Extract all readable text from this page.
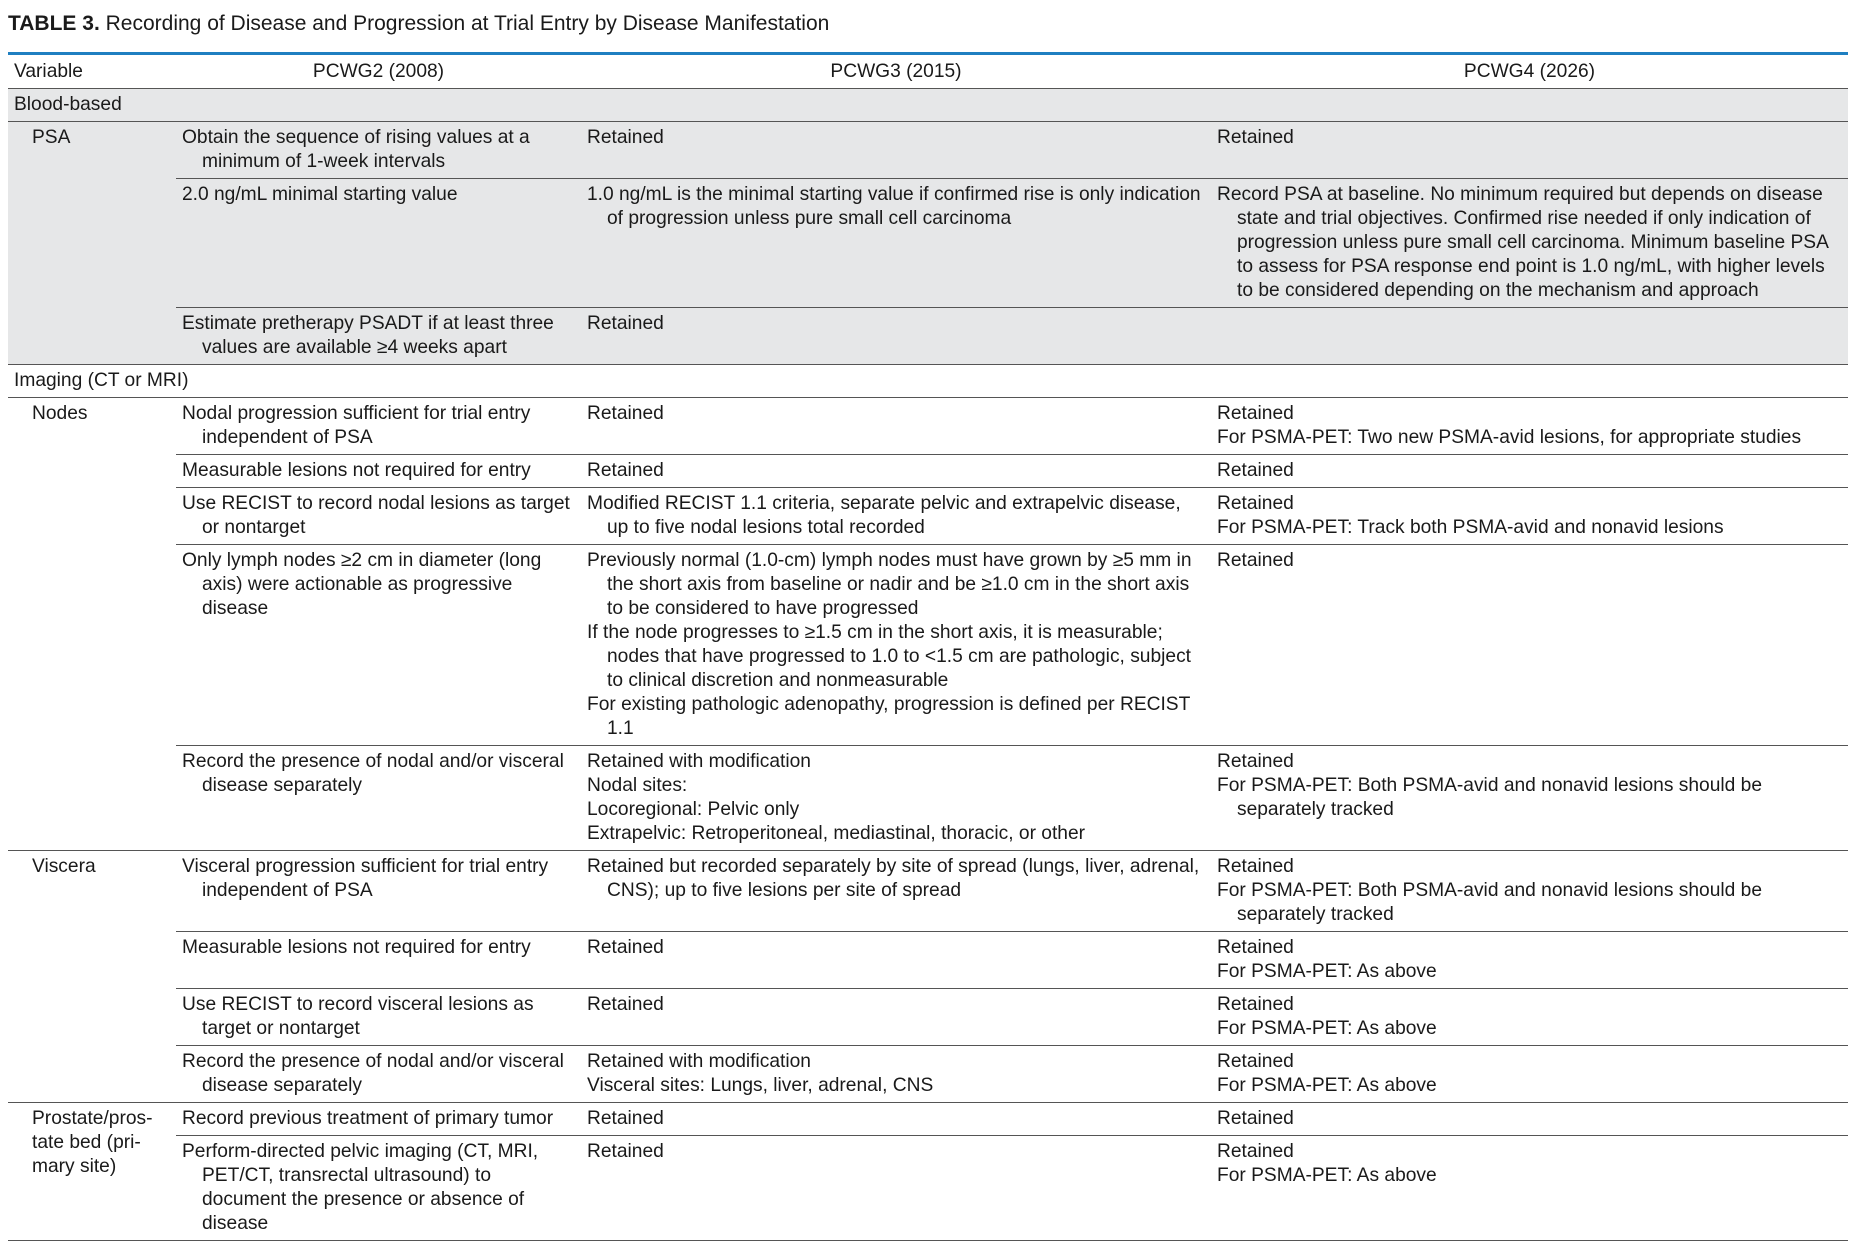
TABLE 3. Recording of Disease and Progression at Trial Entry by Disease Manifestation
Variable	PCWG2 (2008)	PCWG3 (2015)	PCWG4 (2026)
Blood-based			
PSA	Obtain the sequence of rising values at a minimum of 1-week intervals	Retained	Retained

	2.0 ng/mL minimal starting value	1.0 ng/mL is the minimal starting value if confirmed rise is only indication of progression unless pure small cell carcinoma	Record PSA at baseline. No minimum required but depends on disease state and trial objectives. Confirmed rise needed if only indication of progression unless pure small cell carcinoma. Minimum baseline PSA to assess for PSA response end point is 1.0 ng/mL, with higher levels to be considered depending on the mechanism and approach

	Estimate pretherapy PSADT if at least three values are available ≥4 weeks apart	Retained	

Imaging (CT or MRI)			
Nodes	Nodal progression sufficient for trial entry independent of PSA	Retained	Retained
For PSMA-PET: Two new PSMA-avid lesions, for appropriate studies

	Measurable lesions not required for entry	Retained	Retained

	Use RECIST to record nodal lesions as target or nontarget	Modified RECIST 1.1 criteria, separate pelvic and extrapelvic disease, up to five nodal lesions total recorded	Retained
For PSMA-PET: Track both PSMA-avid and nonavid lesions

	Only lymph nodes ≥2 cm in diameter (long axis) were actionable as progressive disease	Previously normal (1.0-cm) lymph nodes must have grown by ≥5 mm in the short axis from baseline or nadir and be ≥1.0 cm in the short axis to be considered to have progressed
If the node progresses to ≥1.5 cm in the short axis, it is measurable; nodes that have progressed to 1.0 to <1.5 cm are pathologic, subject to clinical discretion and nonmeasurable
For existing pathologic adenopathy, progression is defined per RECIST 1.1	Retained

	Record the presence of nodal and/or visceral disease separately	Retained with modification
Nodal sites:
Locoregional: Pelvic only
Extrapelvic: Retroperitoneal, mediastinal, thoracic, or other	Retained
For PSMA-PET: Both PSMA-avid and nonavid lesions should be separately tracked

Viscera	Visceral progression sufficient for trial entry independent of PSA	Retained but recorded separately by site of spread (lungs, liver, adrenal, CNS); up to five lesions per site of spread	Retained
For PSMA-PET: Both PSMA-avid and nonavid lesions should be separately tracked

	Measurable lesions not required for entry	Retained	Retained
For PSMA-PET: As above

	Use RECIST to record visceral lesions as target or nontarget	Retained	Retained
For PSMA-PET: As above

	Record the presence of nodal and/or visceral disease separately	Retained with modification
Visceral sites: Lungs, liver, adrenal, CNS	Retained
For PSMA-PET: As above

Prostate/pros-
tate bed (pri-
mary site)	Record previous treatment of primary tumor	Retained	Retained

	Perform-directed pelvic imaging (CT, MRI, PET/CT, transrectal ultrasound) to document the presence or absence of disease	Retained	Retained
For PSMA-PET: As above
